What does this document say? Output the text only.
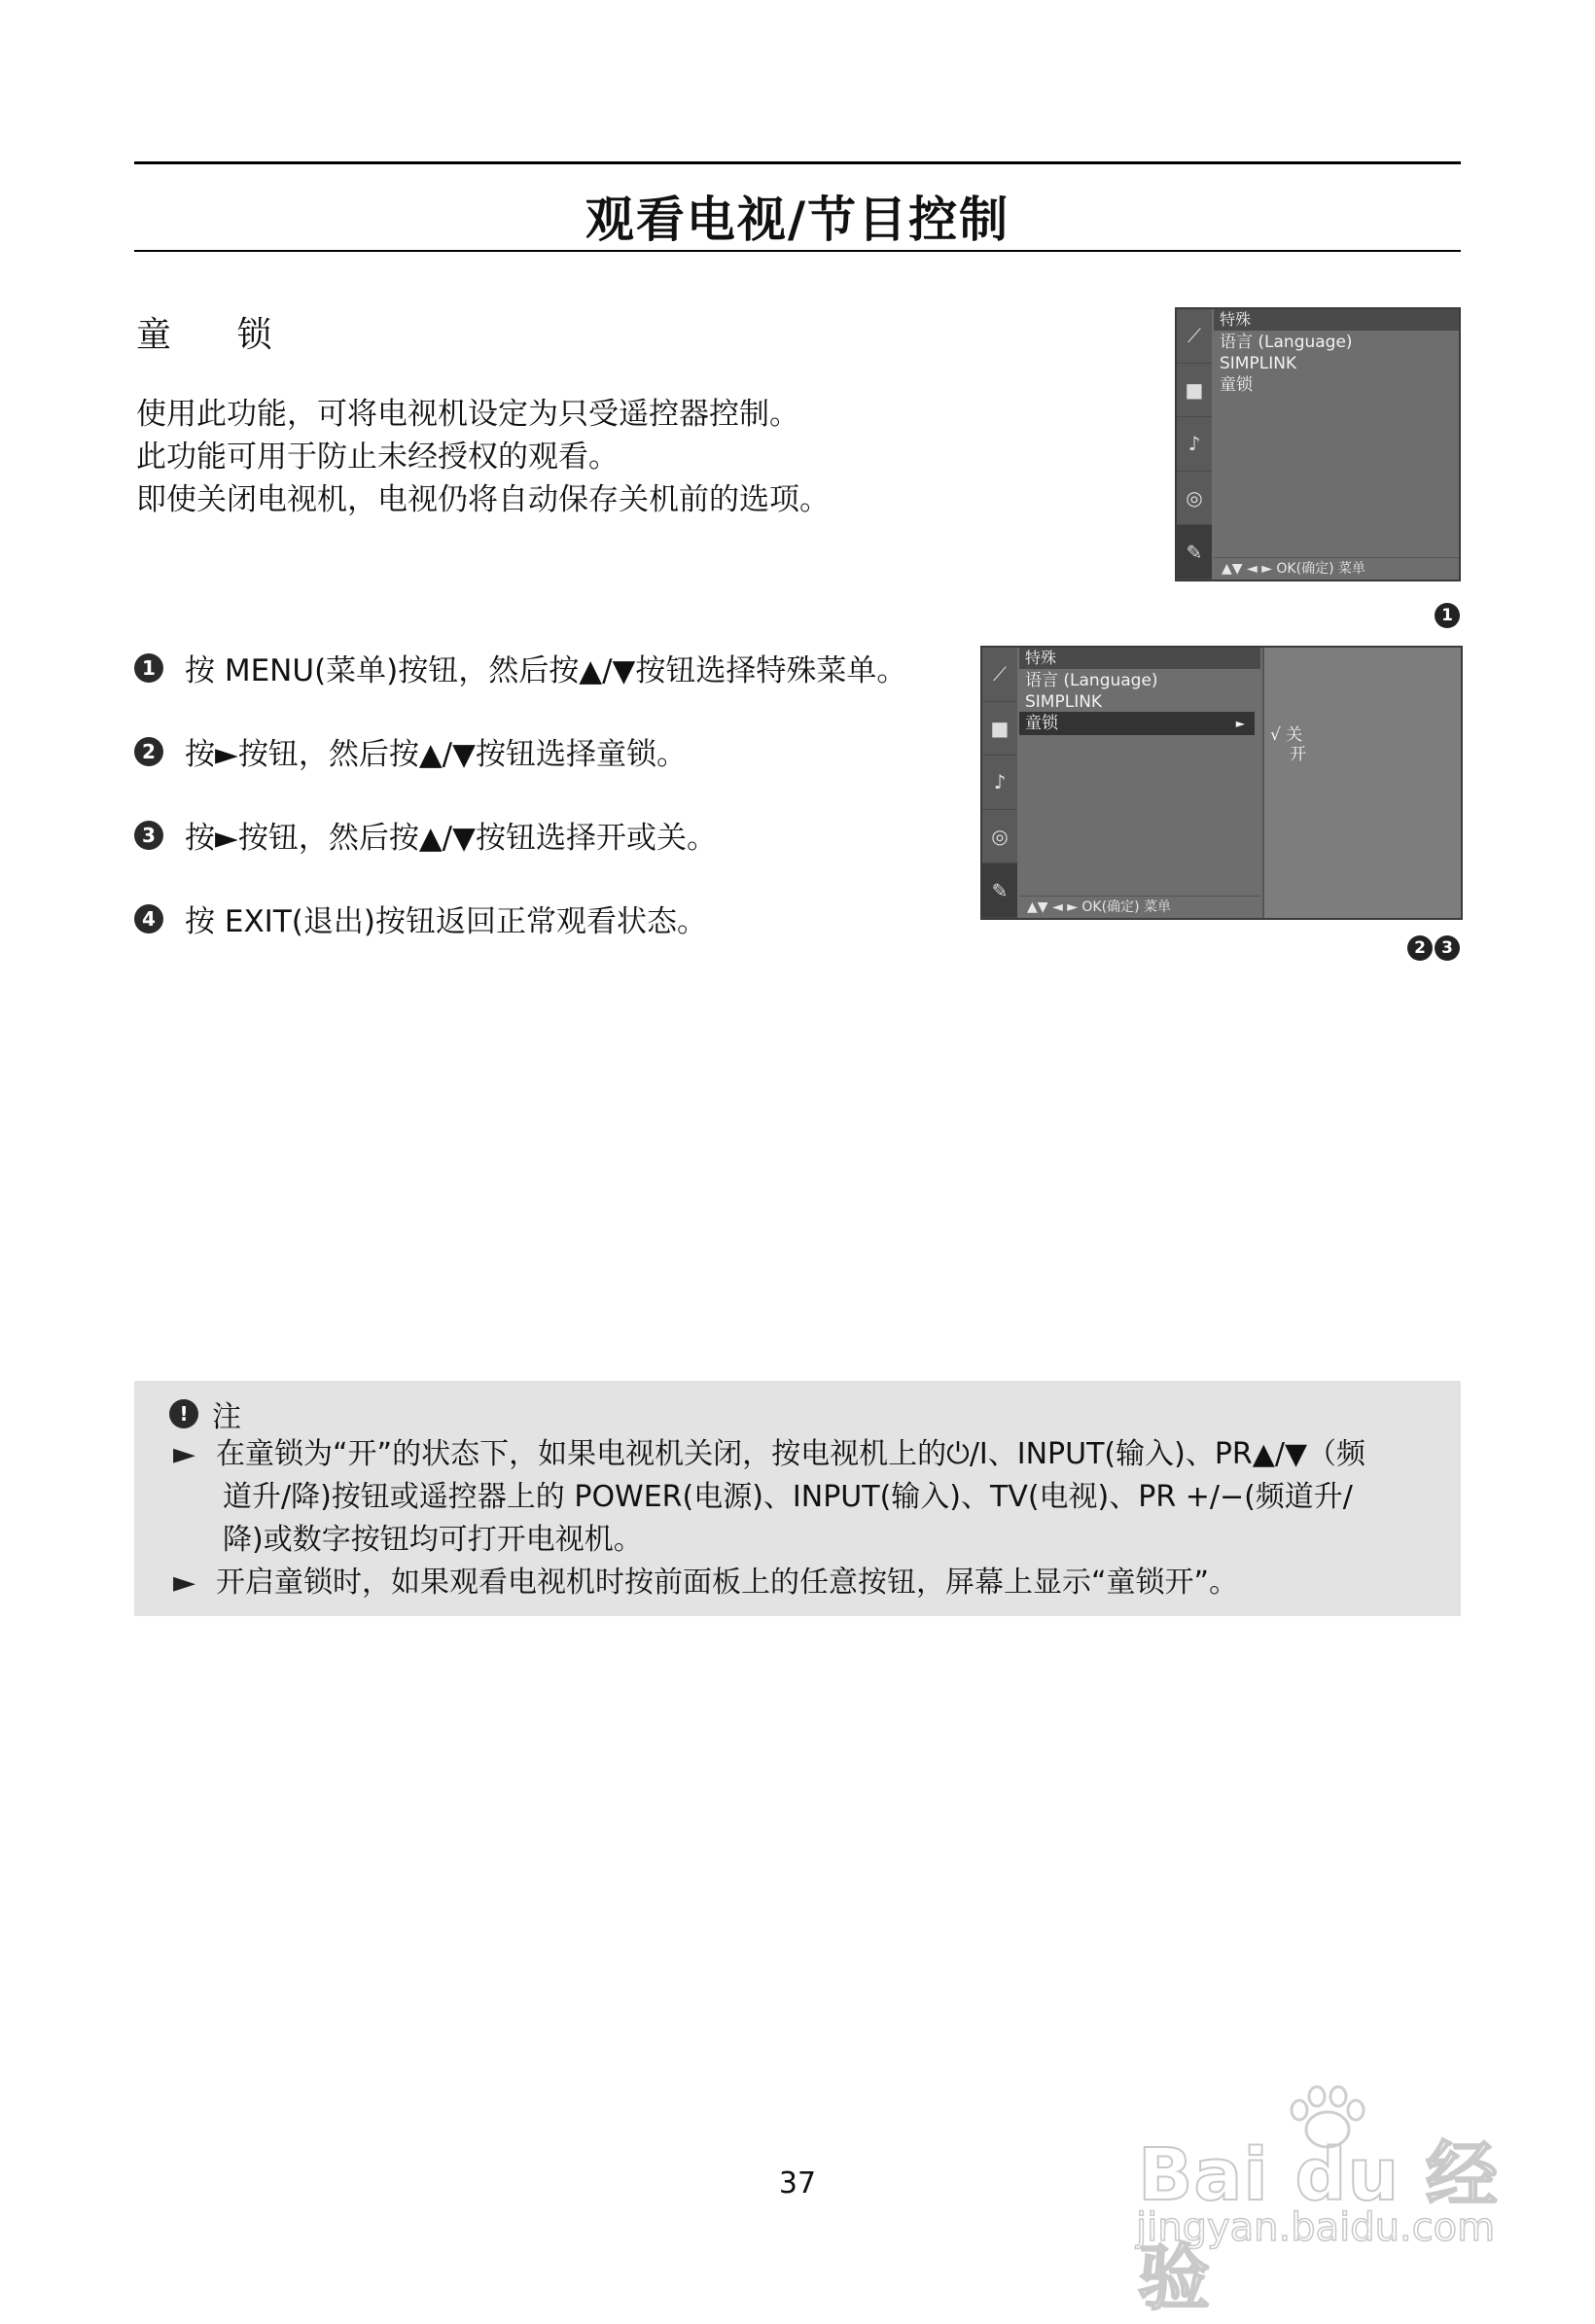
观看电视/节目控制
童 锁
使用此功能，可将电视机设定为只受遥控器控制。
此功能可用于防止未经授权的观看。
即使关闭电视机，电视仍将自动保存关机前的选项。
⟋
■
♪
◎
✎
特殊
语言 (Language)
SIMPLINK
童锁
▲▼ ◄ ► OK(确定) 菜单
1
1 按 MENU(菜单)按钮，然后按▲/▼按钮选择特殊菜单。
2 按►按钮，然后按▲/▼按钮选择童锁。
3 按►按钮，然后按▲/▼按钮选择开或关。
4 按 EXIT(退出)按钮返回正常观看状态。
⟋
■
♪
◎
✎
特殊
语言 (Language)
SIMPLINK
童锁	►
▲▼ ◄ ► OK(确定) 菜单
√ 关
开
2 3
! 注
► 在童锁为“开”的状态下，如果电视机关闭，按电视机上的⏻/I、INPUT(输入)、PR▲/▼（频
道升/降)按钮或遥控器上的 POWER(电源)、INPUT(输入)、TV(电视)、PR +/−(频道升/
降)或数字按钮均可打开电视机。
► 开启童锁时，如果观看电视机时按前面板上的任意按钮，屏幕上显示“童锁开”。
37	Bai du 经验
jingyan.baidu.com
